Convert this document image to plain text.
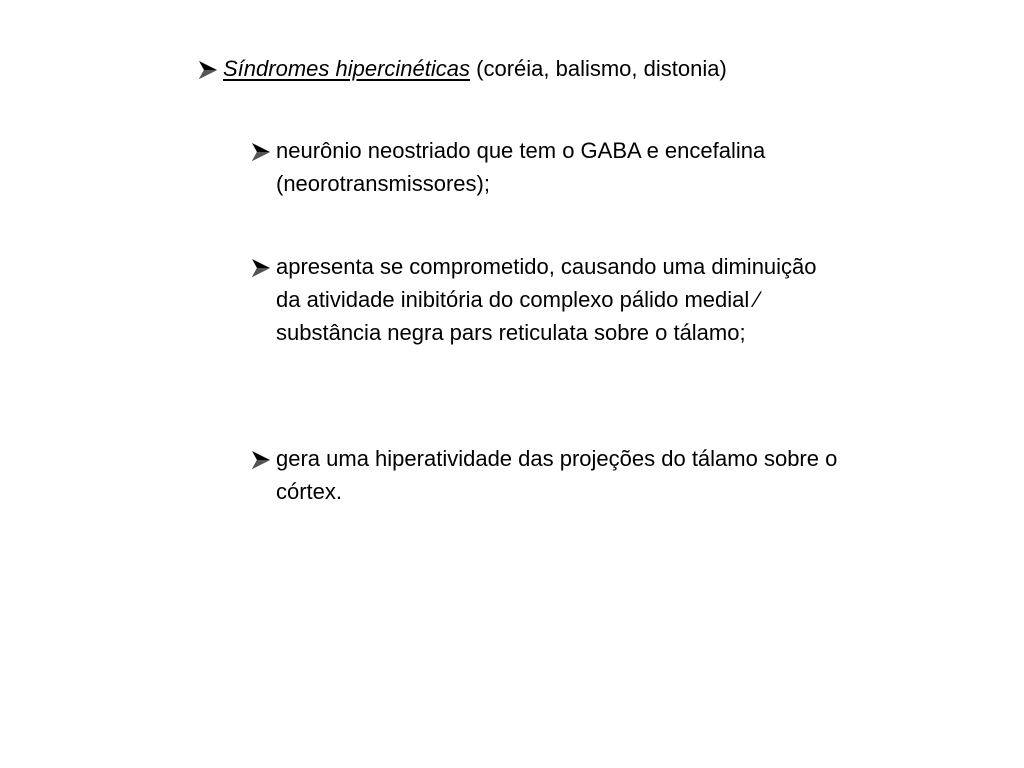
Síndromes hipercinéticas (coréia, balismo, distonia)
neurônio neostriado que tem o GABA e encefalina
(neorotransmissores);
apresenta se comprometido, causando uma diminuição
da atividade inibitória do complexo pálido medial ⁄
substância negra pars reticulata sobre o tálamo;
gera uma hiperatividade das projeções do tálamo sobre o
córtex.
